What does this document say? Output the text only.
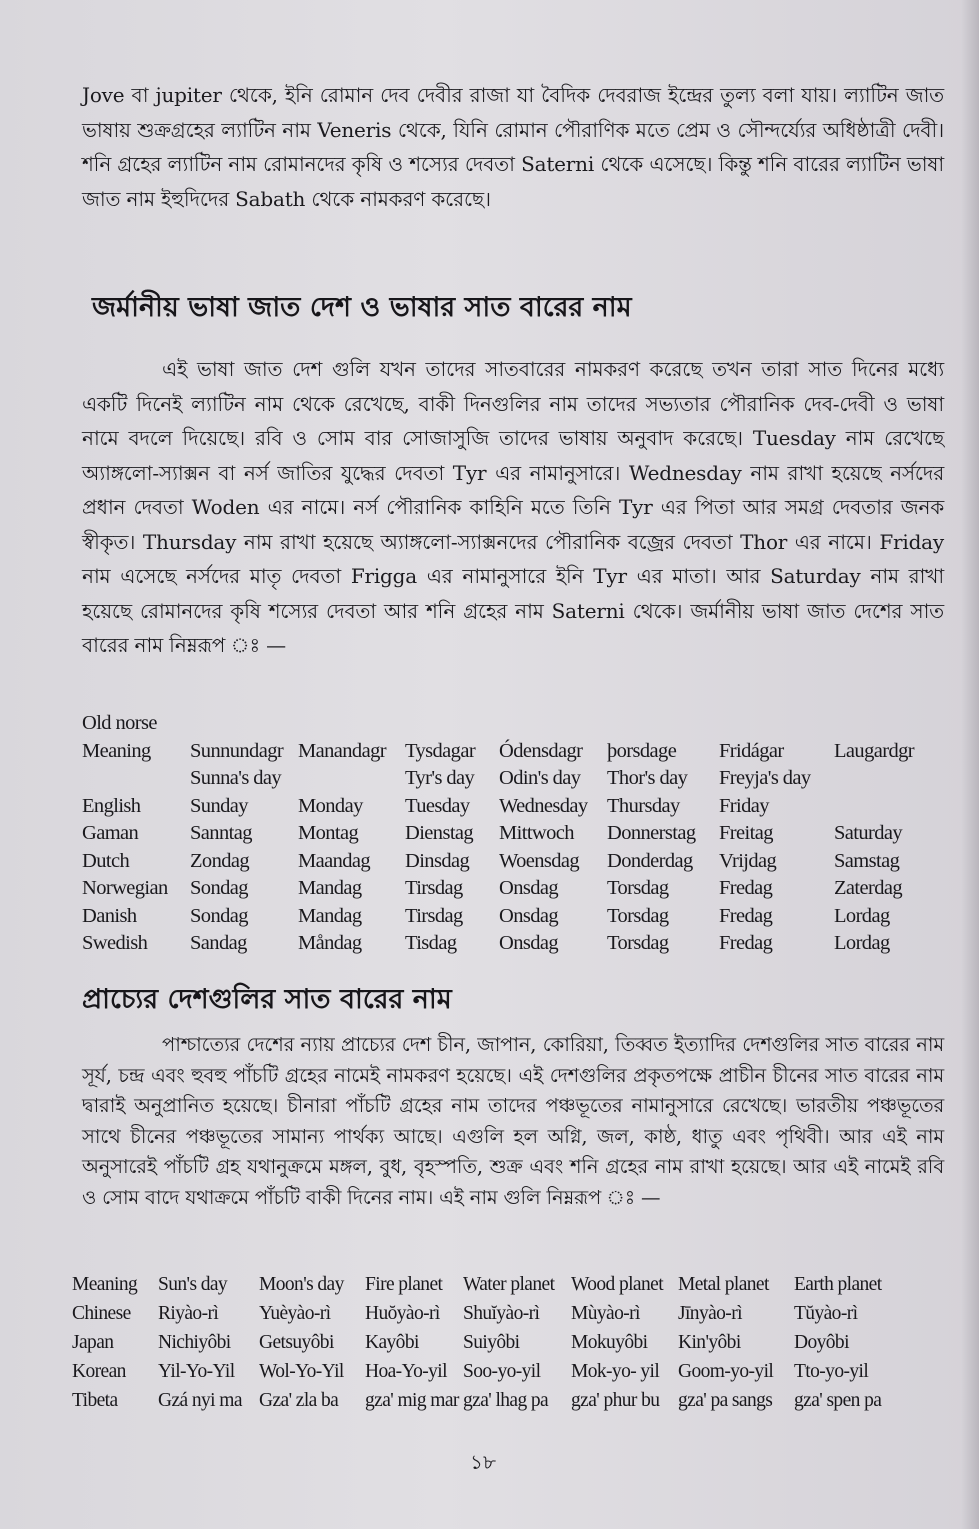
Jove বা jupiter থেকে, ইনি রোমান দেব দেবীর রাজা যা বৈদিক দেবরাজ ইন্দ্রের তুল্য বলা যায়। ল্যাটিন জাত ভাষায় শুক্রগ্রহের ল্যাটিন নাম Veneris থেকে, যিনি রোমান পৌরাণিক মতে প্রেম ও সৌন্দর্য্যের অধিষ্ঠাত্রী দেবী। শনি গ্রহের ল্যাটিন নাম রোমানদের কৃষি ও শস্যের দেবতা Saterni থেকে এসেছে। কিন্তু শনি বারের ল্যাটিন ভাষা জাত নাম ইহুদিদের Sabath থেকে নামকরণ করেছে।

জর্মানীয় ভাষা জাত দেশ ও ভাষার সাত বারের নাম

এই ভাষা জাত দেশ গুলি যখন তাদের সাতবারের নামকরণ করেছে তখন তারা সাত দিনের মধ্যে একটি দিনেই ল্যাটিন নাম থেকে রেখেছে, বাকী দিনগুলির নাম তাদের সভ্যতার পৌরানিক দেব-দেবী ও ভাষা নামে বদলে দিয়েছে। রবি ও সোম বার সোজাসুজি তাদের ভাষায় অনুবাদ করেছে। Tuesday নাম রেখেছে অ্যাঙ্গলো-স্যাক্সন বা নর্স জাতির যুদ্ধের দেবতা Tyr এর নামানুসারে। Wednesday নাম রাখা হয়েছে নর্সদের প্রধান দেবতা Woden এর নামে। নর্স পৌরানিক কাহিনি মতে তিনি Tyr এর পিতা আর সমগ্র দেবতার জনক স্বীকৃত। Thursday নাম রাখা হয়েছে অ্যাঙ্গলো-স্যাক্সনদের পৌরানিক বজ্রের দেবতা Thor এর নামে। Friday নাম এসেছে নর্সদের মাতৃ দেবতা Frigga এর নামানুসারে ইনি Tyr এর মাতা। আর Saturday নাম রাখা হয়েছে রোমানদের কৃষি শস্যের দেবতা আর শনি গ্রহের নাম Saterni থেকে। জর্মানীয় ভাষা জাত দেশের সাত বারের নাম নিম্নরূপ ঃ —

Old norse							
Meaning	Sunnundagr	Manandagr	Tysdagar	Ódensdagr	þorsdage	Fridágar	Laugardgr
	Sunna's day		Tyr's day	Odin's day	Thor's day	Freyja's day	
English	Sunday	Monday	Tuesday	Wednesday	Thursday	Friday	
Gaman	Sanntag	Montag	Dienstag	Mittwoch	Donnerstag	Freitag	Saturday
Dutch	Zondag	Maandag	Dinsdag	Woensdag	Donderdag	Vrijdag	Samstag
Norwegian	Sondag	Mandag	Tirsdag	Onsdag	Torsdag	Fredag	Zaterdag
Danish	Sondag	Mandag	Tirsdag	Onsdag	Torsdag	Fredag	Lordag
Swedish	Sandag	Måndag	Tisdag	Onsdag	Torsdag	Fredag	Lordag
প্রাচ্যের দেশগুলির সাত বারের নাম

পাশ্চাত্যের দেশের ন্যায় প্রাচ্যের দেশ চীন, জাপান, কোরিয়া, তিব্বত ইত্যাদির দেশগুলির সাত বারের নাম সূর্য, চন্দ্র এবং হুবহু পাঁচটি গ্রহের নামেই নামকরণ হয়েছে। এই দেশগুলির প্রকৃতপক্ষে প্রাচীন চীনের সাত বারের নাম দ্বারাই অনুপ্রানিত হয়েছে। চীনারা পাঁচটি গ্রহের নাম তাদের পঞ্চভূতের নামানুসারে রেখেছে। ভারতীয় পঞ্চভূতের সাথে চীনের পঞ্চভূতের সামান্য পার্থক্য আছে। এগুলি হল অগ্নি, জল, কাষ্ঠ, ধাতু এবং পৃথিবী। আর এই নাম অনুসারেই পাঁচটি গ্রহ যথানুক্রমে মঙ্গল, বুধ, বৃহস্পতি, শুক্র এবং শনি গ্রহের নাম রাখা হয়েছে। আর এই নামেই রবি ও সোম বাদে যথাক্রমে পাঁচটি বাকী দিনের নাম। এই নাম গুলি নিম্নরূপ ঃ —

Meaning	Sun's day	Moon's day	Fire planet	Water planet	Wood planet	Metal planet	Earth planet
Chinese	Riyào-rì	Yuèyào-rì	Huŏyào-rì	Shuĭyào-rì	Mùyào-rì	Jīnyào-rì	Tŭyào-rì
Japan	Nichiyôbi	Getsuyôbi	Kayôbi	Suiyôbi	Mokuyôbi	Kin'yôbi	Doyôbi
Korean	Yil-Yo-Yil	Wol-Yo-Yil	Hoa-Yo-yil	Soo-yo-yil	Mok-yo- yil	Goom-yo-yil	Tto-yo-yil
Tibeta	Gzá nyi ma	Gza' zla ba	gza' mig mar	gza' lhag pa	gza' phur bu	gza' pa sangs	gza' spen pa
১৮
